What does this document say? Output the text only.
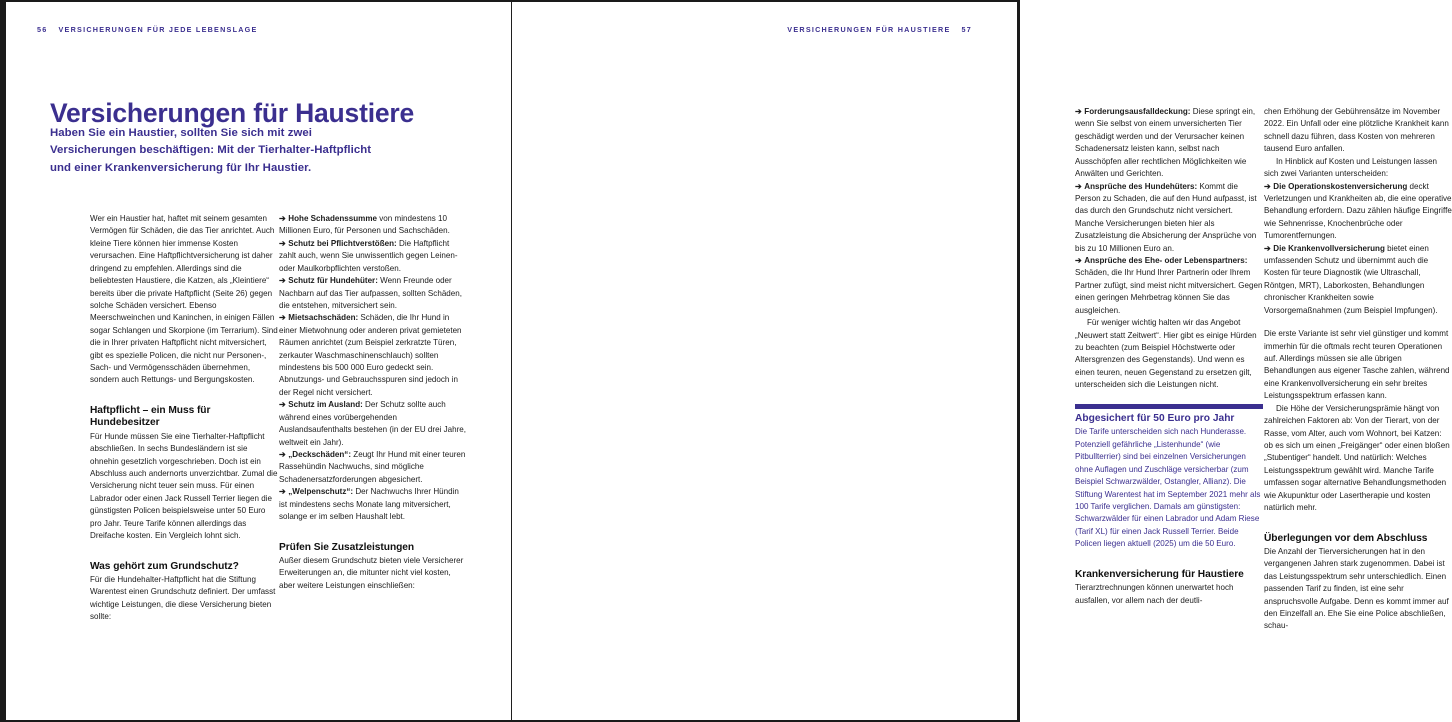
56 VERSICHERUNGEN FÜR JEDE LEBENSLAGE
Versicherungen für Haustiere
Haben Sie ein Haustier, sollten Sie sich mit zwei Versicherungen beschäftigen: Mit der Tierhalter-Haftpflicht und einer Krankenversicherung für Ihr Haustier.

Wer ein Haustier hat, haftet mit seinem gesamten Vermögen für Schäden, die das Tier anrichtet. Auch kleine Tiere können hier immense Kosten verursachen. Eine Haftpflichtversicherung ist daher dringend zu empfehlen. Allerdings sind die beliebtesten Haustiere, die Katzen, als „Kleintiere“ bereits über die private Haftpflicht (Seite 26) gegen solche Schäden versichert. Ebenso Meerschweinchen und Kaninchen, in einigen Fällen sogar Schlangen und Skorpione (im Terrarium). Sind die in Ihrer privaten Haftpflicht nicht mitversichert, gibt es spezielle Policen, die nicht nur Personen-, Sach- und Vermögensschäden übernehmen, sondern auch Rettungs- und Bergungskosten.

Haftpflicht – ein Muss für Hundebesitzer

Für Hunde müssen Sie eine Tierhalter-Haftpflicht abschließen. In sechs Bundesländern ist sie ohnehin gesetzlich vorgeschrieben. Doch ist ein Abschluss auch andernorts unverzichtbar. Zumal die Versicherung nicht teuer sein muss. Für einen Labrador oder einen Jack Russell Terrier liegen die günstigsten Policen beispielsweise unter 50 Euro pro Jahr. Teure Tarife können allerdings das Dreifache kosten. Ein Vergleich lohnt sich.

Was gehört zum Grundschutz?

Für die Hundehalter-Haftpflicht hat die Stiftung Warentest einen Grundschutz definiert. Der umfasst wichtige Leistungen, die diese Versicherung bieten sollte:

➔ Hohe Schadenssumme von mindestens 10 Millionen Euro, für Personen und Sachschäden.

➔ Schutz bei Pflichtverstößen: Die Haftpflicht zahlt auch, wenn Sie unwissentlich gegen Leinen- oder Maulkorbpflichten verstoßen.

➔ Schutz für Hundehüter: Wenn Freunde oder Nachbarn auf das Tier aufpassen, sollten Schäden, die entstehen, mitversichert sein.

➔ Mietsachschäden: Schäden, die Ihr Hund in einer Mietwohnung oder anderen privat gemieteten Räumen anrichtet (zum Beispiel zerkratzte Türen, zerkauter Waschmaschinenschlauch) sollten mindestens bis 500 000 Euro gedeckt sein. Abnutzungs- und Gebrauchsspuren sind jedoch in der Regel nicht versichert.

➔ Schutz im Ausland: Der Schutz sollte auch während eines vorübergehenden Auslandsaufenthalts bestehen (in der EU drei Jahre, weltweit ein Jahr).

➔ „Deckschäden“: Zeugt Ihr Hund mit einer teuren Rassehündin Nachwuchs, sind mögliche Schadenersatzforderungen abgesichert.

➔ „Welpenschutz“: Der Nachwuchs Ihrer Hündin ist mindestens sechs Monate lang mitversichert, solange er im selben Haushalt lebt.

Prüfen Sie Zusatzleistungen

Außer diesem Grundschutz bieten viele Versicherer Erweiterungen an, die mitunter nicht viel kosten, aber weitere Leistungen einschließen:

VERSICHERUNGEN FÜR HAUSTIERE 57

➔ Forderungsausfalldeckung: Diese springt ein, wenn Sie selbst von einem unversicherten Tier geschädigt werden und der Verursacher keinen Schadenersatz leisten kann, selbst nach Ausschöpfen aller rechtlichen Möglichkeiten wie Anwälten und Gerichten.

➔ Ansprüche des Hundehüters: Kommt die Person zu Schaden, die auf den Hund aufpasst, ist das durch den Grundschutz nicht versichert. Manche Versicherungen bieten hier als Zusatzleistung die Absicherung der Ansprüche von bis zu 10 Millionen Euro an.

➔ Ansprüche des Ehe- oder Lebenspartners: Schäden, die Ihr Hund Ihrer Partnerin oder Ihrem Partner zufügt, sind meist nicht mitversichert. Gegen einen geringen Mehrbetrag können Sie das ausgleichen.

Für weniger wichtig halten wir das Angebot „Neuwert statt Zeitwert“. Hier gibt es einige Hürden zu beachten (zum Beispiel Höchstwerte oder Altersgrenzen des Gegenstands). Und wenn es einen teuren, neuen Gegenstand zu ersetzen gilt, unterscheiden sich die Leistungen nicht.

Abgesichert für 50 Euro pro Jahr

Die Tarife unterscheiden sich nach Hunderasse. Potenziell gefährliche „Listenhunde“ (wie Pitbullterrier) sind bei einzelnen Versicherungen ohne Auflagen und Zuschläge versicherbar (zum Beispiel Schwarzwälder, Ostangler, Allianz). Die Stiftung Warentest hat im September 2021 mehr als 100 Tarife verglichen. Damals am günstigsten: Schwarzwälder für einen Labrador und Adam Riese (Tarif XL) für einen Jack Russell Terrier. Beide Policen liegen aktuell (2025) um die 50 Euro.

Krankenversicherung für Haustiere

Tierarztrechnungen können unerwartet hoch ausfallen, vor allem nach der deutli-

chen Erhöhung der Gebührensätze im November 2022. Ein Unfall oder eine plötzliche Krankheit kann schnell dazu führen, dass Kosten von mehreren tausend Euro anfallen.

In Hinblick auf Kosten und Leistungen lassen sich zwei Varianten unterscheiden:

➔ Die Operationskostenversicherung deckt Verletzungen und Krankheiten ab, die eine operative Behandlung erfordern. Dazu zählen häufige Eingriffe wie Sehnenrisse, Knochenbrüche oder Tumorentfernungen.

➔ Die Krankenvollversicherung bietet einen umfassenden Schutz und übernimmt auch die Kosten für teure Diagnostik (wie Ultraschall, Röntgen, MRT), Laborkosten, Behandlungen chronischer Krankheiten sowie Vorsorgemaßnahmen (zum Beispiel Impfungen).

Die erste Variante ist sehr viel günstiger und kommt immerhin für die oftmals recht teuren Operationen auf. Allerdings müssen sie alle übrigen Behandlungen aus eigener Tasche zahlen, während eine Krankenvollversicherung ein sehr breites Leistungsspektrum erfassen kann.

Die Höhe der Versicherungsprämie hängt von zahlreichen Faktoren ab: Von der Tierart, von der Rasse, vom Alter, auch vom Wohnort, bei Katzen: ob es sich um einen „Freigänger“ oder einen bloßen „Stubentiger“ handelt. Und natürlich: Welches Leistungsspektrum gewählt wird. Manche Tarife umfassen sogar alternative Behandlungsmethoden wie Akupunktur oder Lasertherapie und kosten natürlich mehr.

Überlegungen vor dem Abschluss

Die Anzahl der Tierversicherungen hat in den vergangenen Jahren stark zugenommen. Dabei ist das Leistungsspektrum sehr unterschiedlich. Einen passenden Tarif zu finden, ist eine sehr anspruchsvolle Aufgabe. Denn es kommt immer auf den Einzelfall an. Ehe Sie eine Police abschließen, schau-
